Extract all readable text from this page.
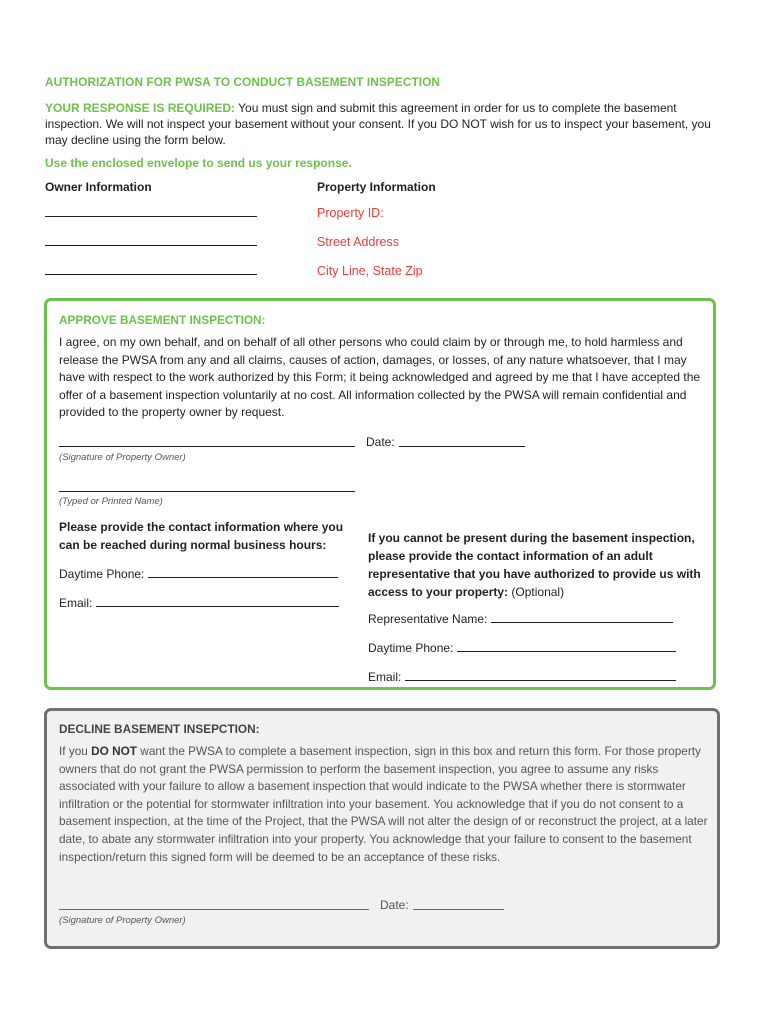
AUTHORIZATION FOR PWSA TO CONDUCT BASEMENT INSPECTION
YOUR RESPONSE IS REQUIRED: You must sign and submit this agreement in order for us to complete the basement inspection. We will not inspect your basement without your consent. If you DO NOT wish for us to inspect your basement, you may decline using the form below.
Use the enclosed envelope to send us your response.
Owner Information	Property Information
Property ID:
Street Address
City Line, State Zip
APPROVE BASEMENT INSPECTION:
I agree, on my own behalf, and on behalf of all other persons who could claim by or through me, to hold harmless and release the PWSA from any and all claims, causes of action, damages, or losses, of any nature whatsoever, that I may have with respect to the work authorized by this Form; it being acknowledged and agreed by me that I have accepted the offer of a basement inspection voluntarily at no cost. All information collected by the PWSA will remain confidential and provided to the property owner by request.
Date:
(Signature of Property Owner)
(Typed or Printed Name)
Please provide the contact information where you can be reached during normal business hours:
Daytime Phone:
Email:
If you cannot be present during the basement inspection, please provide the contact information of an adult representative that you have authorized to provide us with access to your property: (Optional)
Representative Name:
Daytime Phone:
Email:
DECLINE BASEMENT INSEPCTION:
If you DO NOT want the PWSA to complete a basement inspection, sign in this box and return this form. For those property owners that do not grant the PWSA permission to perform the basement inspection, you agree to assume any risks associated with your failure to allow a basement inspection that would indicate to the PWSA whether there is stormwater infiltration or the potential for stormwater infiltration into your basement. You acknowledge that if you do not consent to a basement inspection, at the time of the Project, that the PWSA will not alter the design of or reconstruct the project, at a later date, to abate any stormwater infiltration into your property. You acknowledge that your failure to consent to the basement inspection/return this signed form will be deemed to be an acceptance of these risks.
Date:
(Signature of Property Owner)
